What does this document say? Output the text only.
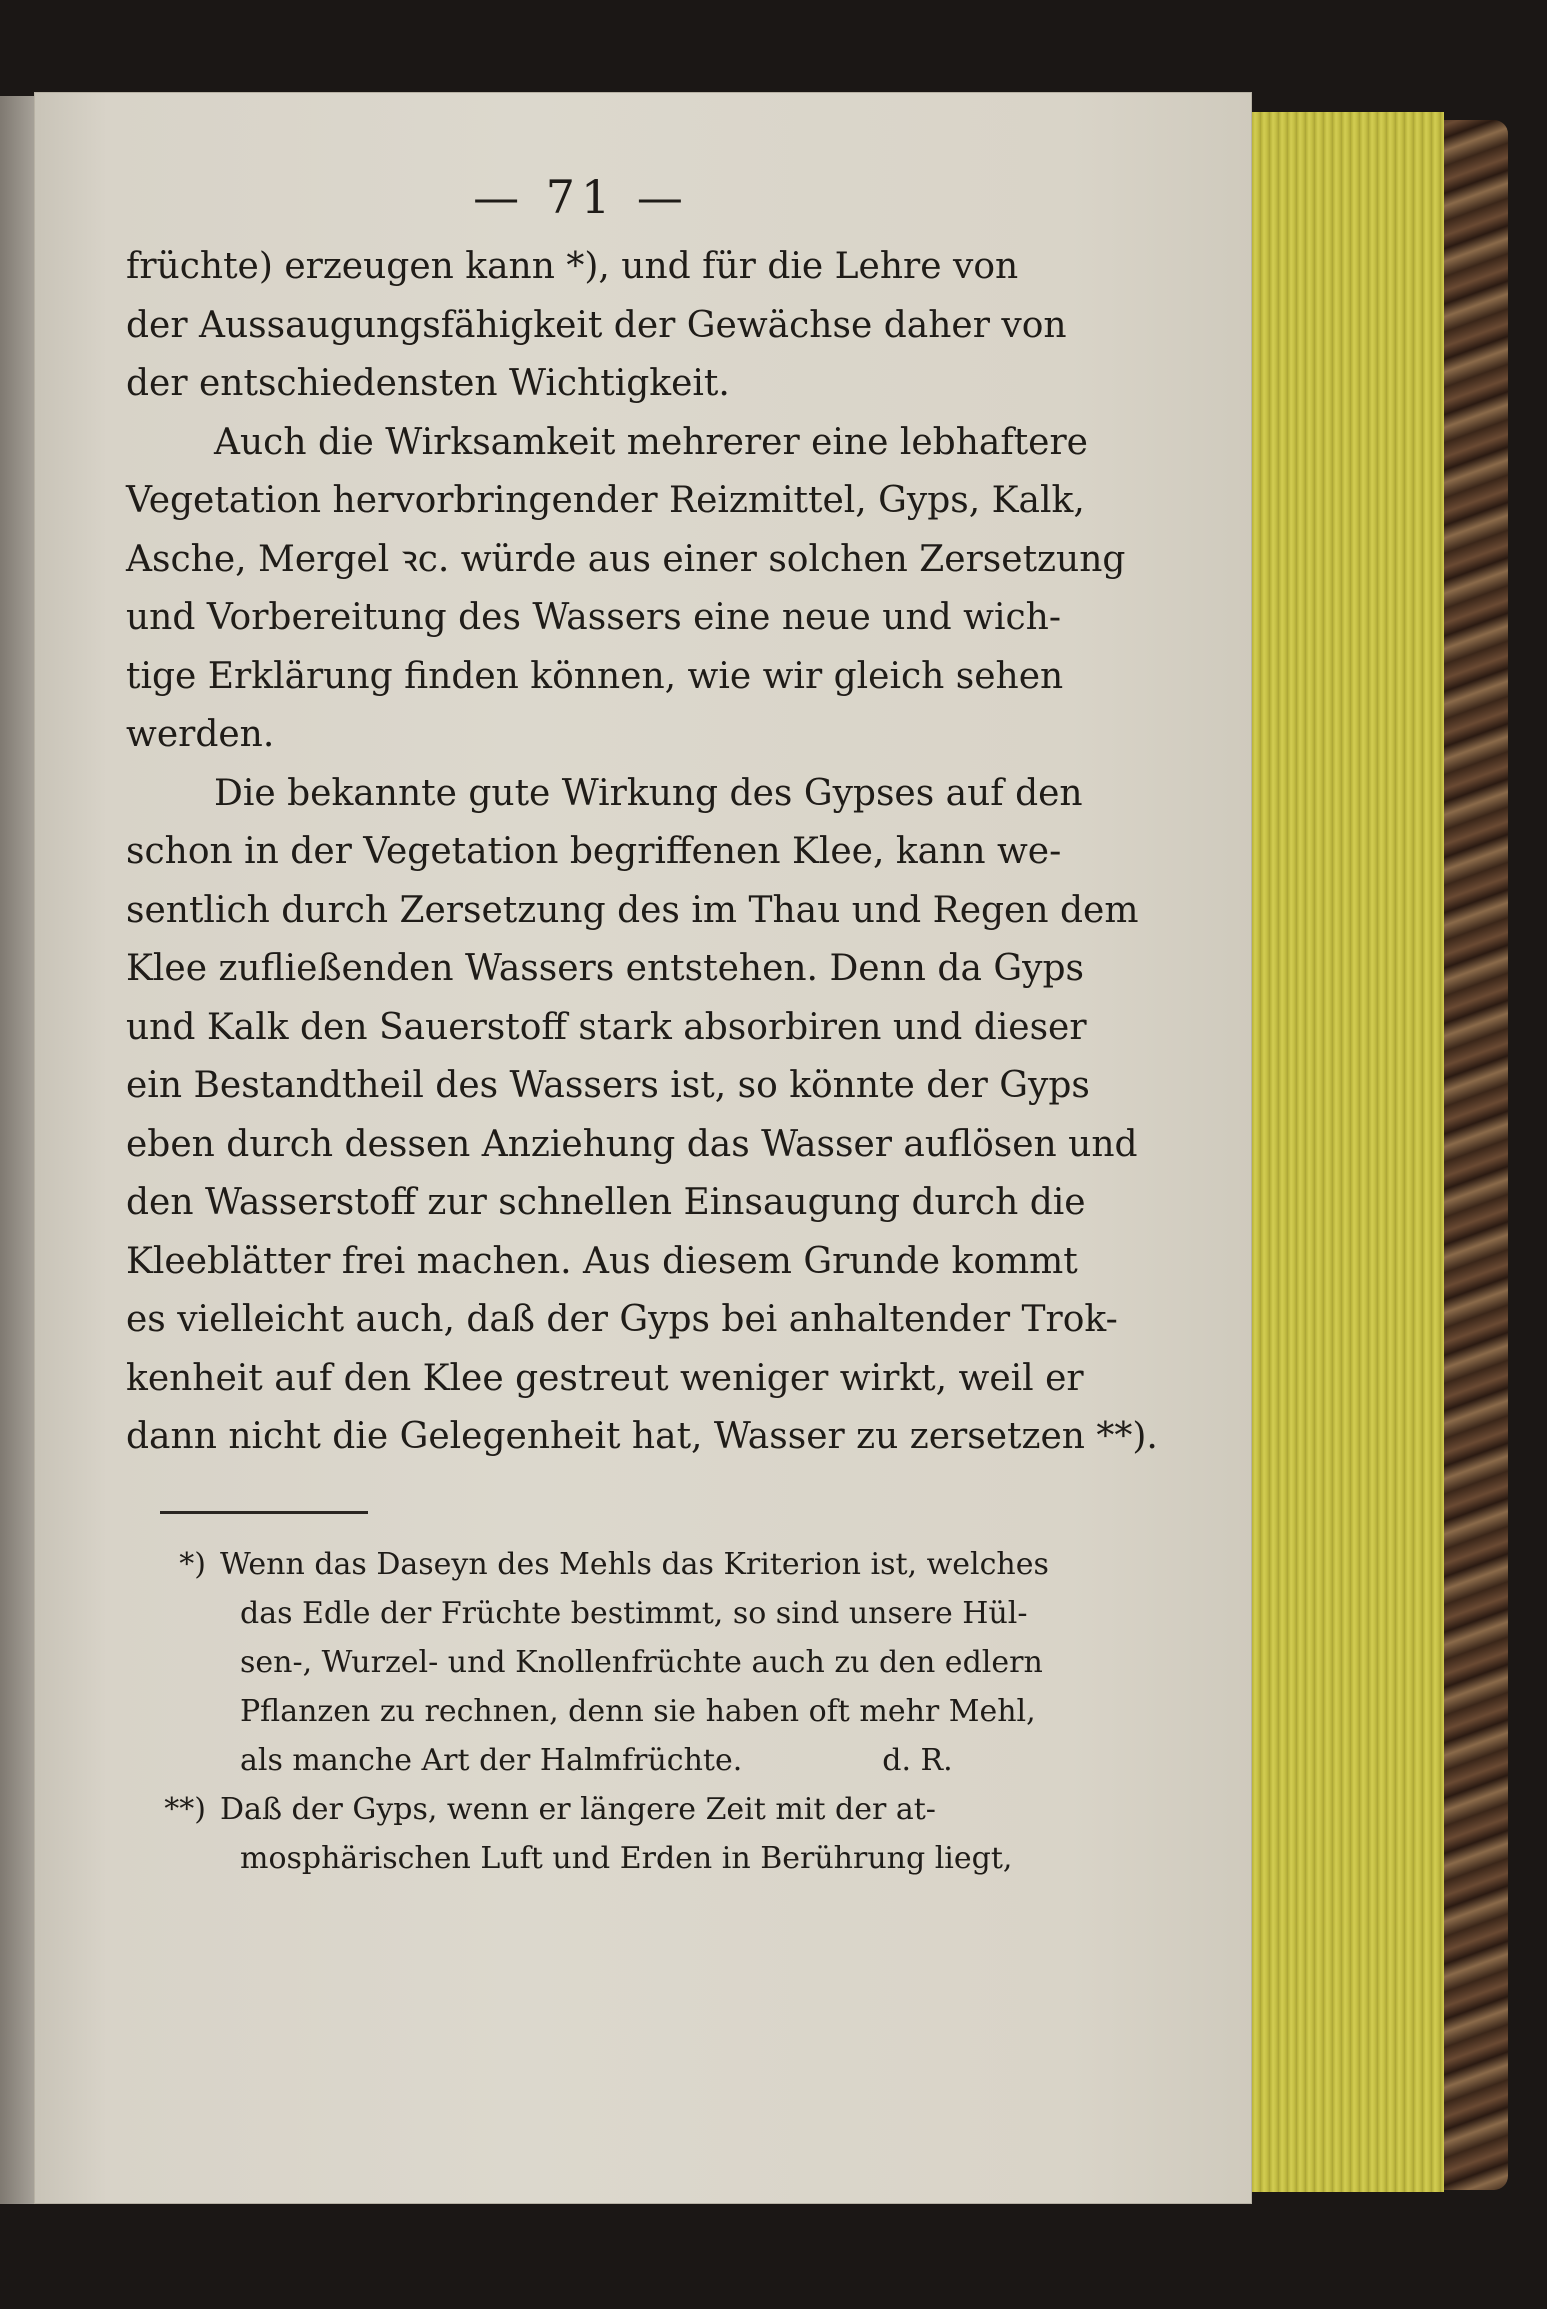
— 71 —

früchte) erzeugen kann *), und für die Lehre von
der Aussaugungsfähigkeit der Gewächse daher von
der entschiedensten Wichtigkeit.

Auch die Wirksamkeit mehrerer eine lebhaftere
Vegetation hervorbringender Reizmittel, Gyps, Kalk,
Asche, Mergel ꝛc. würde aus einer solchen Zersetzung
und Vorbereitung des Wassers eine neue und wich-
tige Erklärung finden können, wie wir gleich sehen
werden.

Die bekannte gute Wirkung des Gypses auf den
schon in der Vegetation begriffenen Klee, kann we-
sentlich durch Zersetzung des im Thau und Regen dem
Klee zufließenden Wassers entstehen. Denn da Gyps
und Kalk den Sauerstoff stark absorbiren und dieser
ein Bestandtheil des Wassers ist, so könnte der Gyps
eben durch dessen Anziehung das Wasser auflösen und
den Wasserstoff zur schnellen Einsaugung durch die
Kleeblätter frei machen. Aus diesem Grunde kommt
es vielleicht auch, daß der Gyps bei anhaltender Trok-
kenheit auf den Klee gestreut weniger wirkt, weil er
dann nicht die Gelegenheit hat, Wasser zu zersetzen **).

*) Wenn das Daseyn des Mehls das Kriterion ist, welches
das Edle der Früchte bestimmt, so sind unsere Hül-
sen-, Wurzel- und Knollenfrüchte auch zu den edlern
Pflanzen zu rechnen, denn sie haben oft mehr Mehl,
als manche Art der Halmfrüchte.	d. R.

**) Daß der Gyps, wenn er längere Zeit mit der at-
mosphärischen Luft und Erden in Berührung liegt,
